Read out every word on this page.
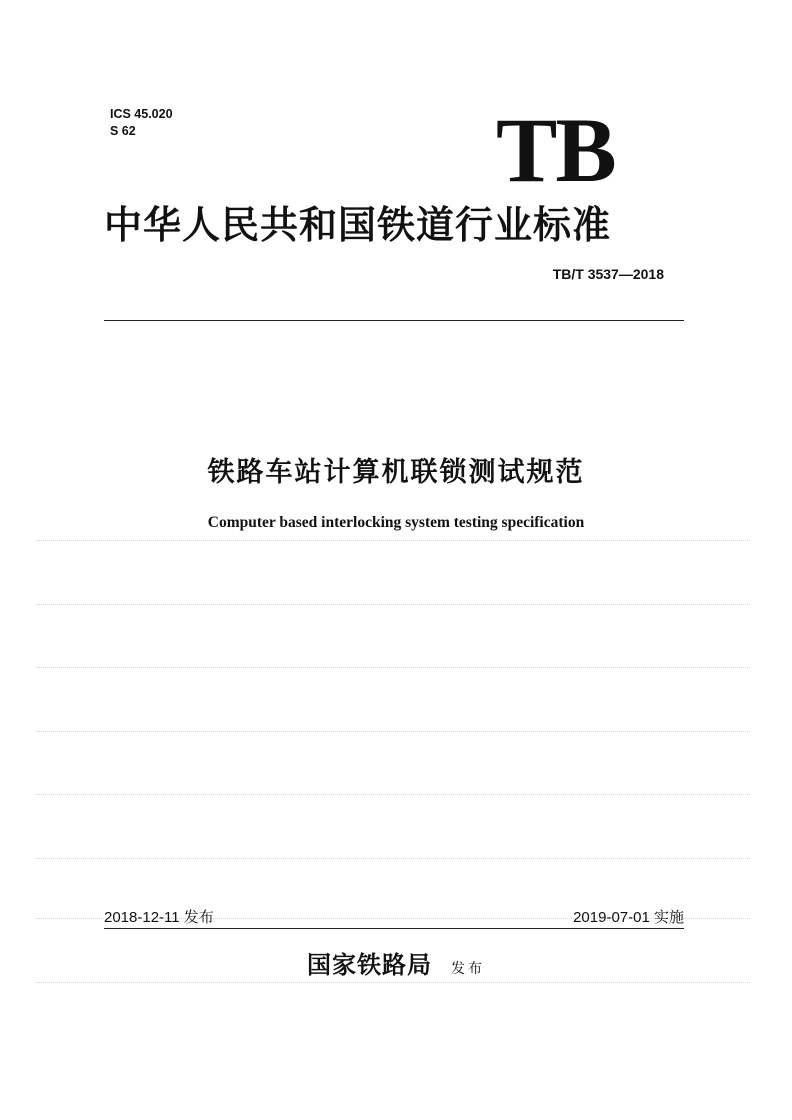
ICS 45.020
S 62	TB
中华人民共和国铁道行业标准
TB/T 3537—2018
铁路车站计算机联锁测试规范
Computer based interlocking system testing specification
2018-12-11 发布	2019-07-01 实施
国家铁路局 发布
